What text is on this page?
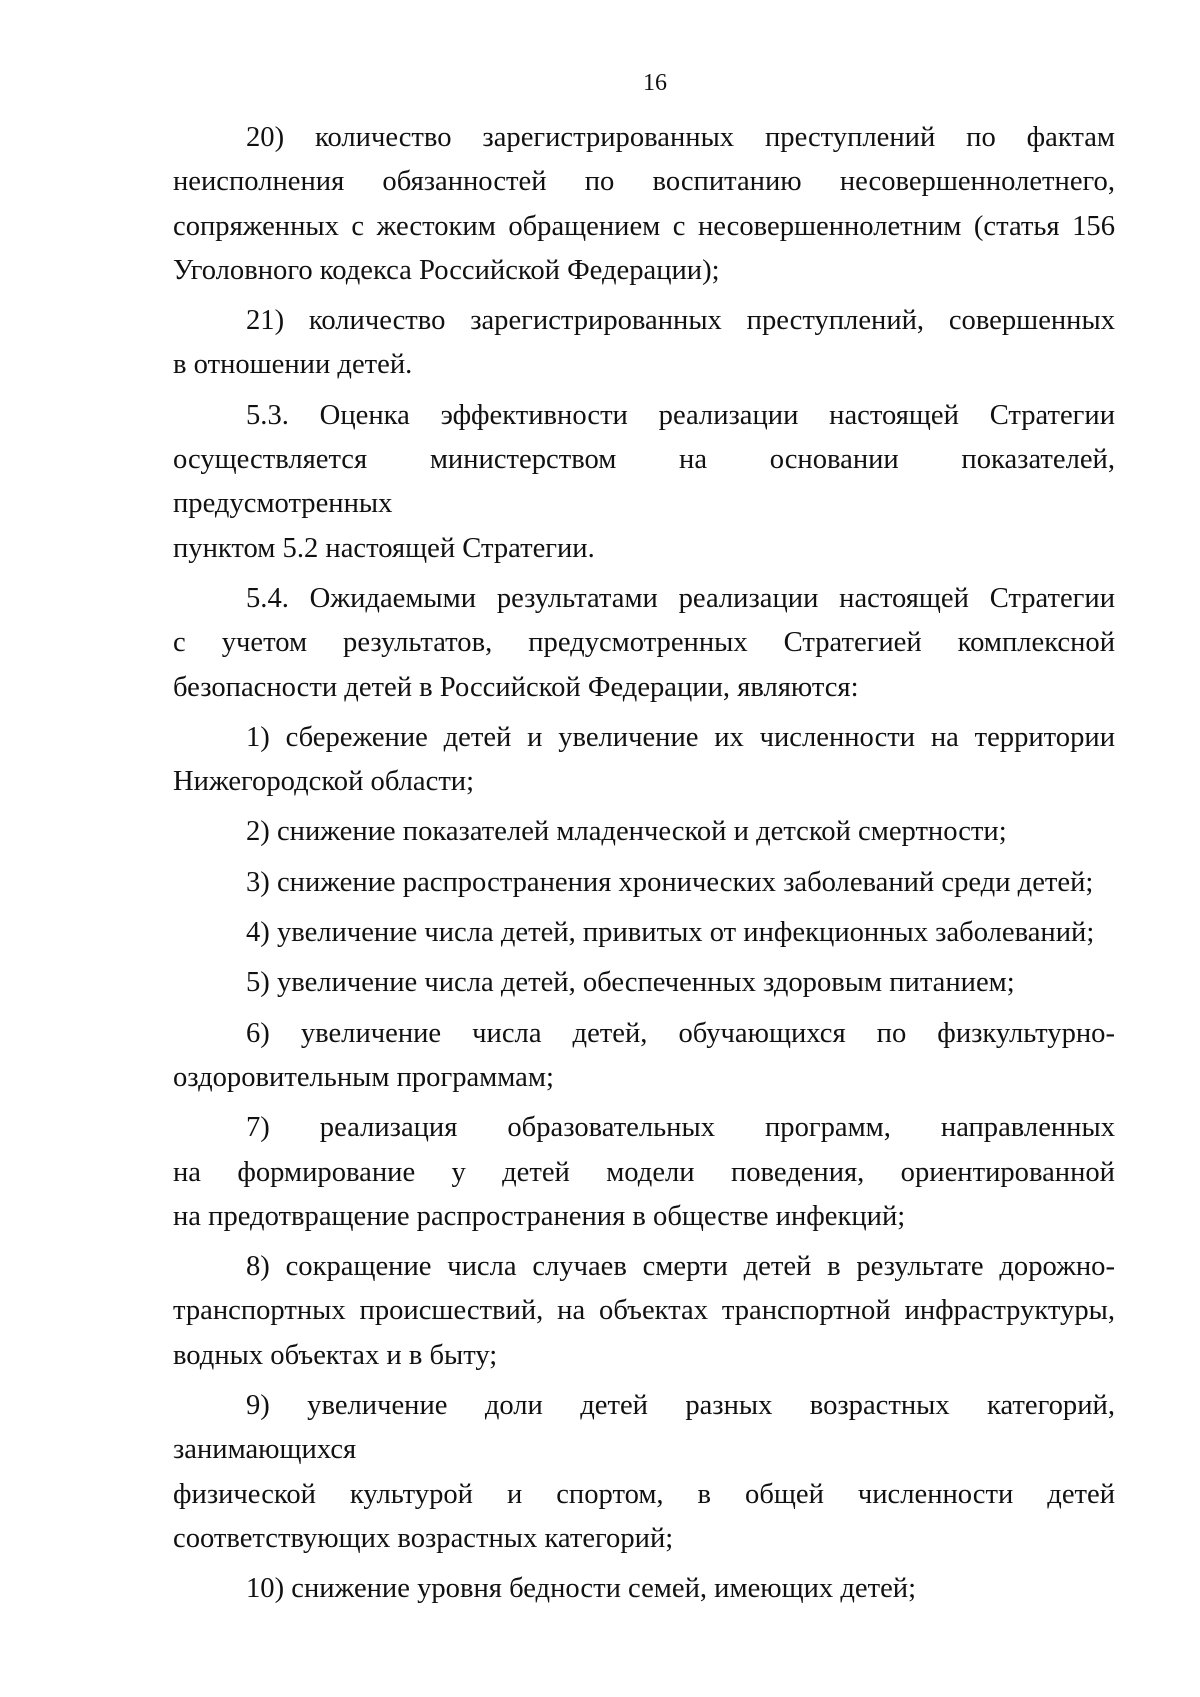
16
20) количество зарегистрированных преступлений по фактам
неисполнения обязанностей по воспитанию несовершеннолетнего,
сопряженных с жестоким обращением с несовершеннолетним (статья 156
Уголовного кодекса Российской Федерации);
21) количество зарегистрированных преступлений, совершенных
в отношении детей.
5.3. Оценка эффективности реализации настоящей Стратегии
осуществляется министерством на основании показателей, предусмотренных
пунктом 5.2 настоящей Стратегии.
5.4. Ожидаемыми результатами реализации настоящей Стратегии
с учетом результатов, предусмотренных Стратегией комплексной
безопасности детей в Российской Федерации, являются:
1) сбережение детей и увеличение их численности на территории
Нижегородской области;
2) снижение показателей младенческой и детской смертности;
3) снижение распространения хронических заболеваний среди детей;
4) увеличение числа детей, привитых от инфекционных заболеваний;
5) увеличение числа детей, обеспеченных здоровым питанием;
6) увеличение числа детей, обучающихся по физкультурно-
оздоровительным программам;
7) реализация образовательных программ, направленных
на формирование у детей модели поведения, ориентированной
на предотвращение распространения в обществе инфекций;
8) сокращение числа случаев смерти детей в результате дорожно-
транспортных происшествий, на объектах транспортной инфраструктуры,
водных объектах и в быту;
9) увеличение доли детей разных возрастных категорий, занимающихся
физической культурой и спортом, в общей численности детей
соответствующих возрастных категорий;
10) снижение уровня бедности семей, имеющих детей;
